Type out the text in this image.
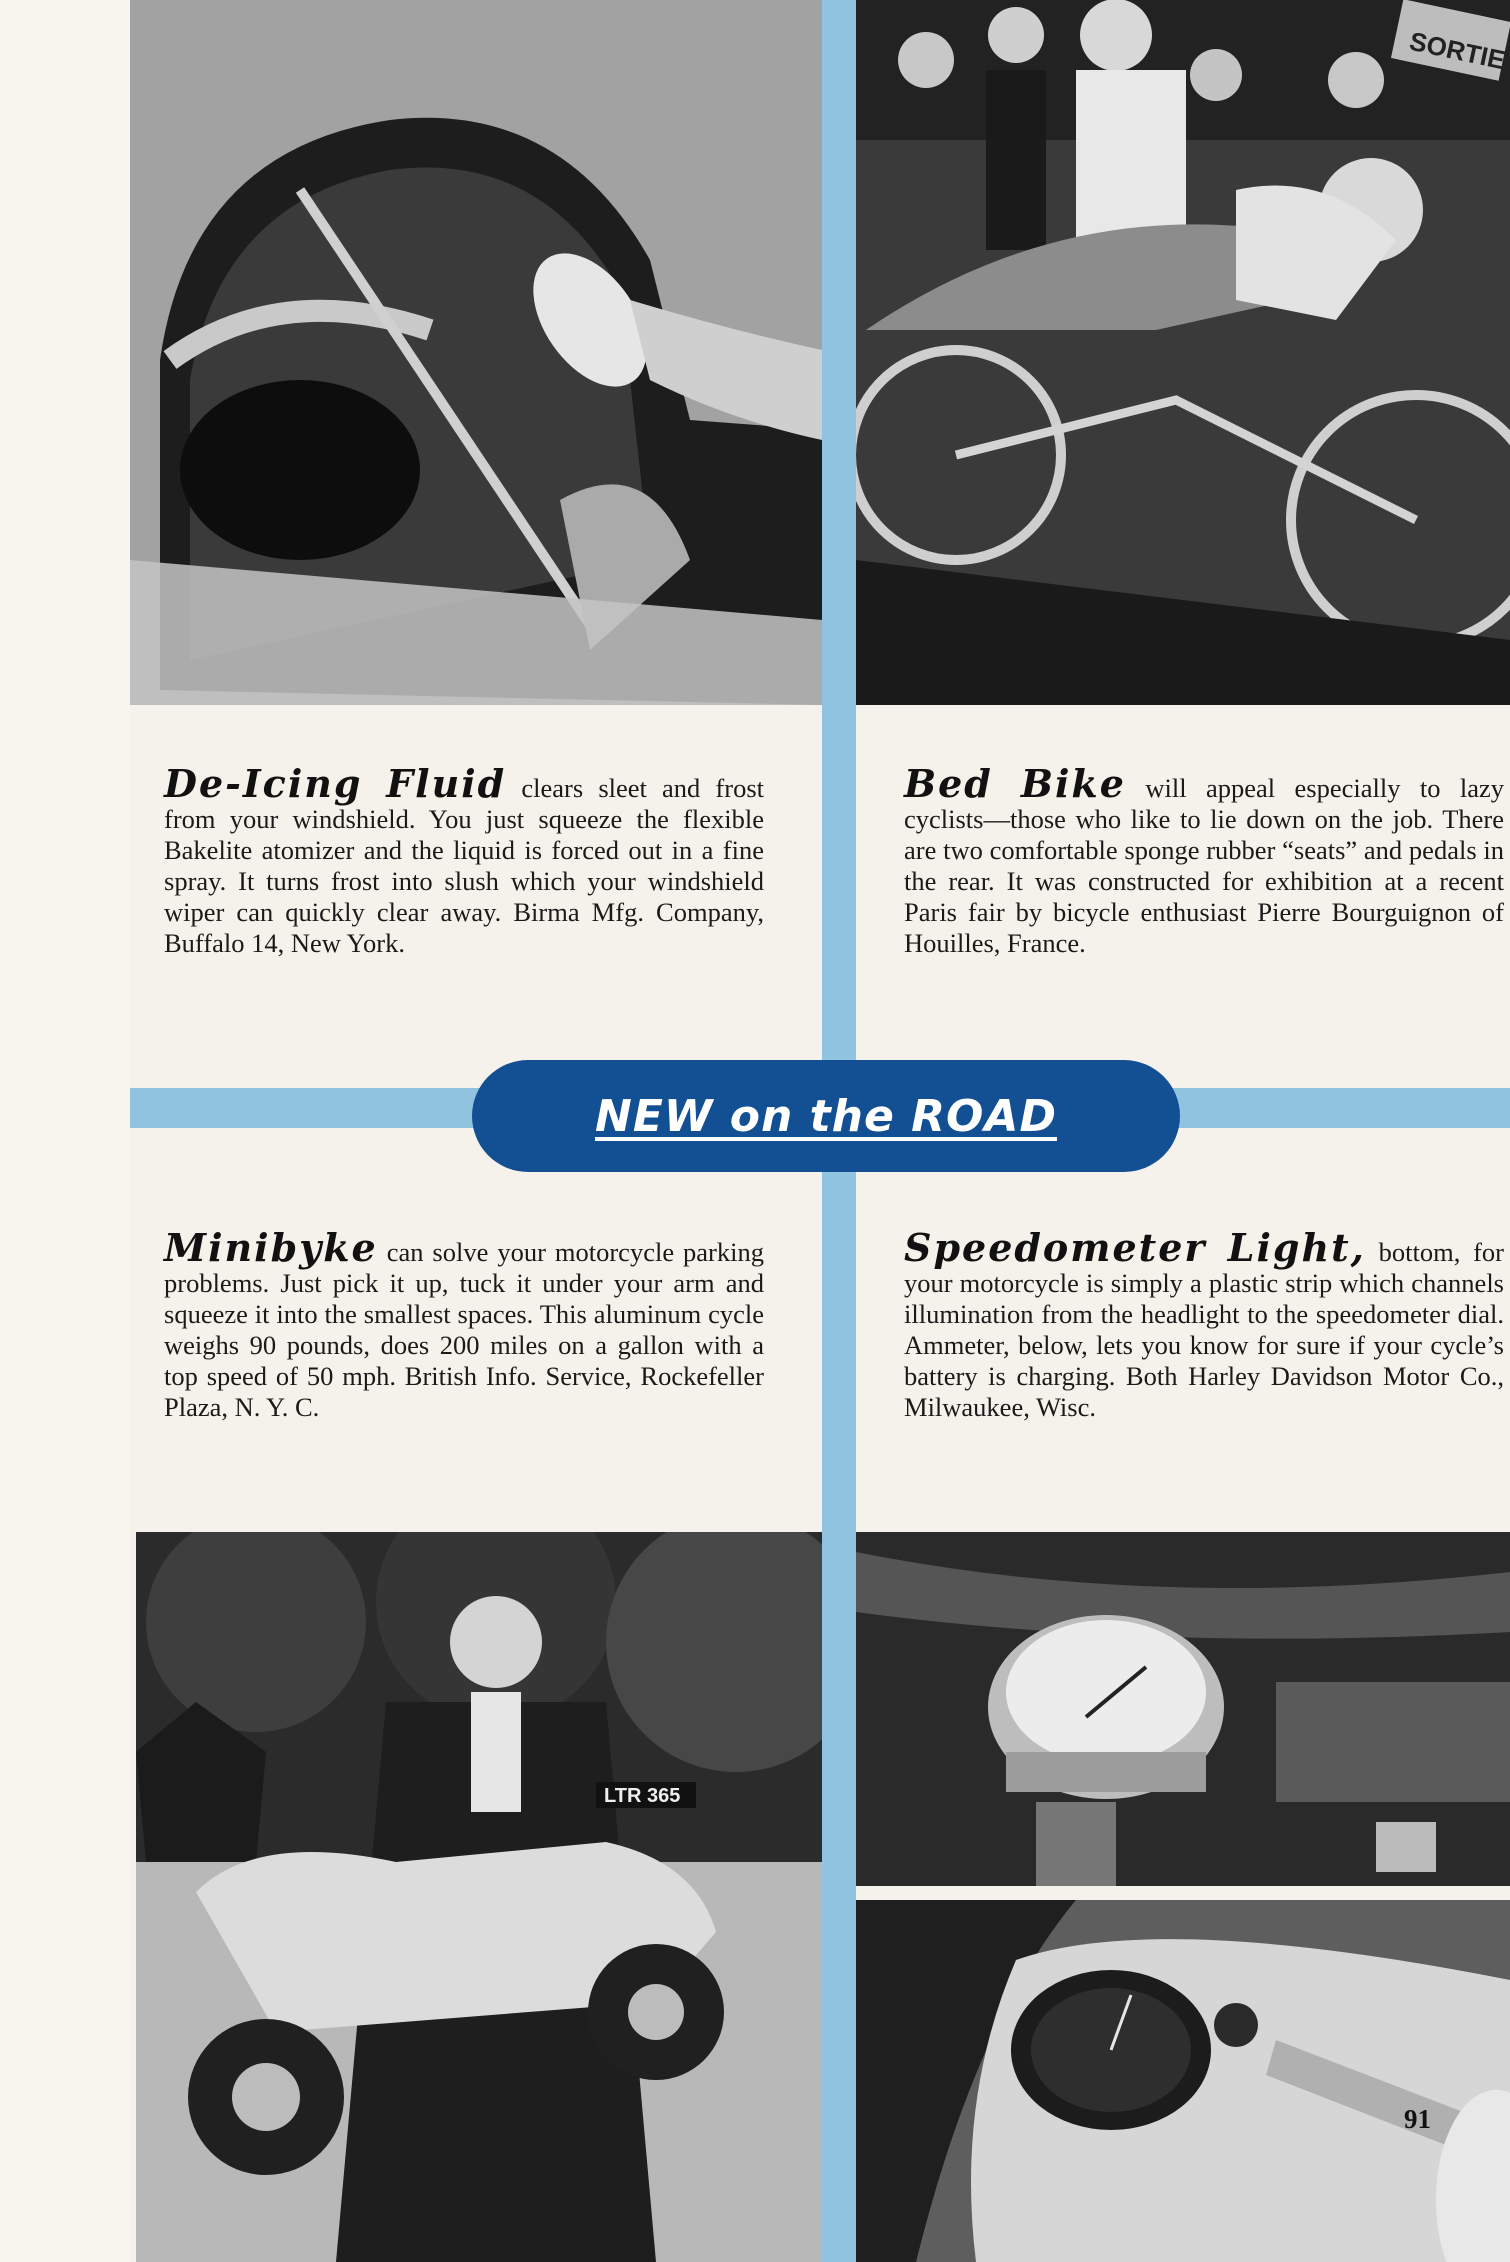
SORTIE
De-Icing Fluid clears sleet and frost from your windshield. You just squeeze the flexible Bakelite atomizer and the liquid is forced out in a fine spray. It turns frost into slush which your windshield wiper can quickly clear away. Birma Mfg. Company, Buffalo 14, New York.
Bed Bike will appeal especially to lazy cyclists—those who like to lie down on the job. There are two comfortable sponge rubber “seats” and pedals in the rear. It was constructed for exhibition at a recent Paris fair by bicycle enthusiast Pierre Bourguignon of Houilles, France.
NEW on the ROAD
Minibyke can solve your motorcycle parking problems. Just pick it up, tuck it under your arm and squeeze it into the smallest spaces. This aluminum cycle weighs 90 pounds, does 200 miles on a gallon with a top speed of 50 mph. British Info. Service, Rockefeller Plaza, N. Y. C.
Speedometer Light, bottom, for your motorcycle is simply a plastic strip which channels illumination from the headlight to the speedometer dial. Ammeter, below, lets you know for sure if your cycle’s battery is charging. Both Harley Davidson Motor Co., Milwaukee, Wisc.
LTR 365
91
